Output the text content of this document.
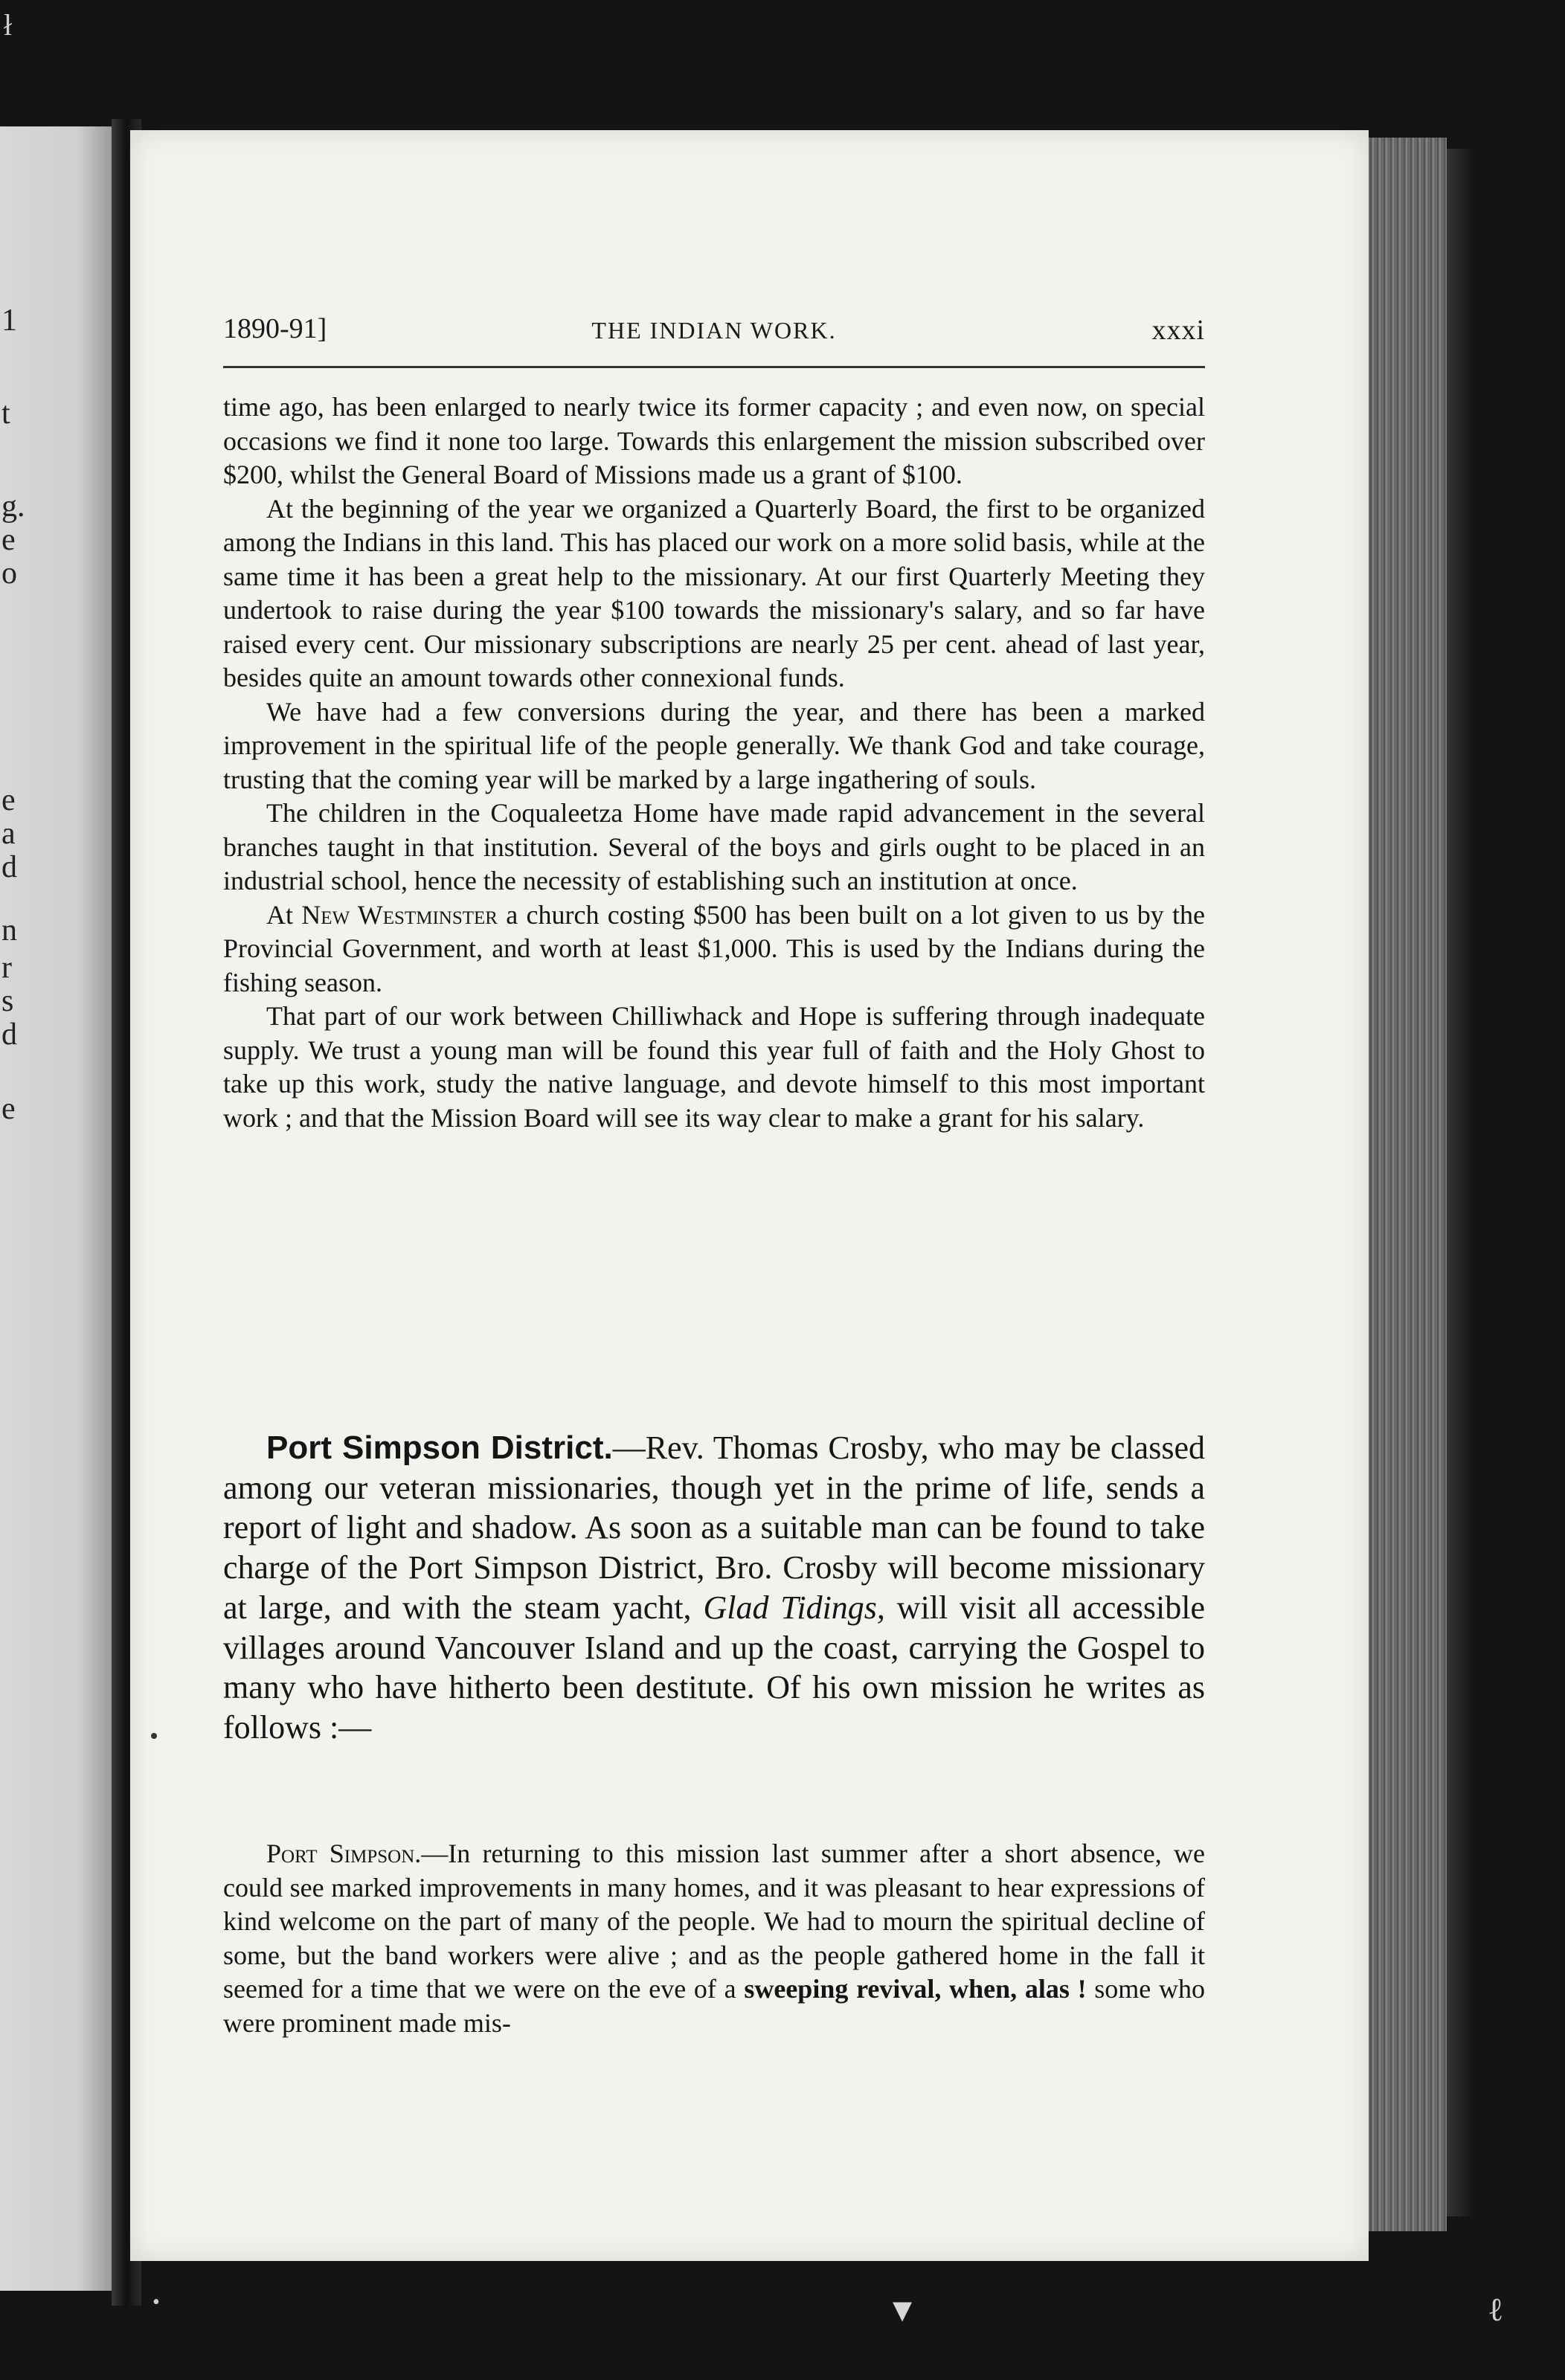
1
t
g.
e
o
e
a
d
n
r
s
d
e
1890-91]	THE INDIAN WORK.	xxxi

time ago, has been enlarged to nearly twice its former capacity ; and even now, on special occasions we find it none too large. Towards this enlargement the mission subscribed over $200, whilst the General Board of Missions made us a grant of $100.

At the beginning of the year we organized a Quarterly Board, the first to be organized among the Indians in this land. This has placed our work on a more solid basis, while at the same time it has been a great help to the missionary. At our first Quarterly Meeting they undertook to raise during the year $100 towards the missionary's salary, and so far have raised every cent. Our missionary subscriptions are nearly 25 per cent. ahead of last year, besides quite an amount towards other connexional funds.

We have had a few conversions during the year, and there has been a marked improvement in the spiritual life of the people generally. We thank God and take courage, trusting that the coming year will be marked by a large ingathering of souls.

The children in the Coqualeetza Home have made rapid advancement in the several branches taught in that institution. Several of the boys and girls ought to be placed in an industrial school, hence the necessity of establishing such an institution at once.

At New Westminster a church costing $500 has been built on a lot given to us by the Provincial Government, and worth at least $1,000. This is used by the Indians during the fishing season.

That part of our work between Chilliwhack and Hope is suffering through inadequate supply. We trust a young man will be found this year full of faith and the Holy Ghost to take up this work, study the native language, and devote himself to this most important work ; and that the Mission Board will see its way clear to make a grant for his salary.

Port Simpson District.—Rev. Thomas Crosby, who may be classed among our veteran missionaries, though yet in the prime of life, sends a report of light and shadow. As soon as a suitable man can be found to take charge of the Port Simpson District, Bro. Crosby will become missionary at large, and with the steam yacht, Glad Tidings, will visit all accessible villages around Vancouver Island and up the coast, carrying the Gospel to many who have hitherto been destitute. Of his own mission he writes as follows :—

Port Simpson.—In returning to this mission last summer after a short absence, we could see marked improvements in many homes, and it was pleasant to hear expressions of kind welcome on the part of many of the people. We had to mourn the spiritual decline of some, but the band workers were alive ; and as the people gathered home in the fall it seemed for a time that we were on the eve of a sweeping revival, when, alas ! some who were prominent made mis-

ł
•	▾	ℓ
